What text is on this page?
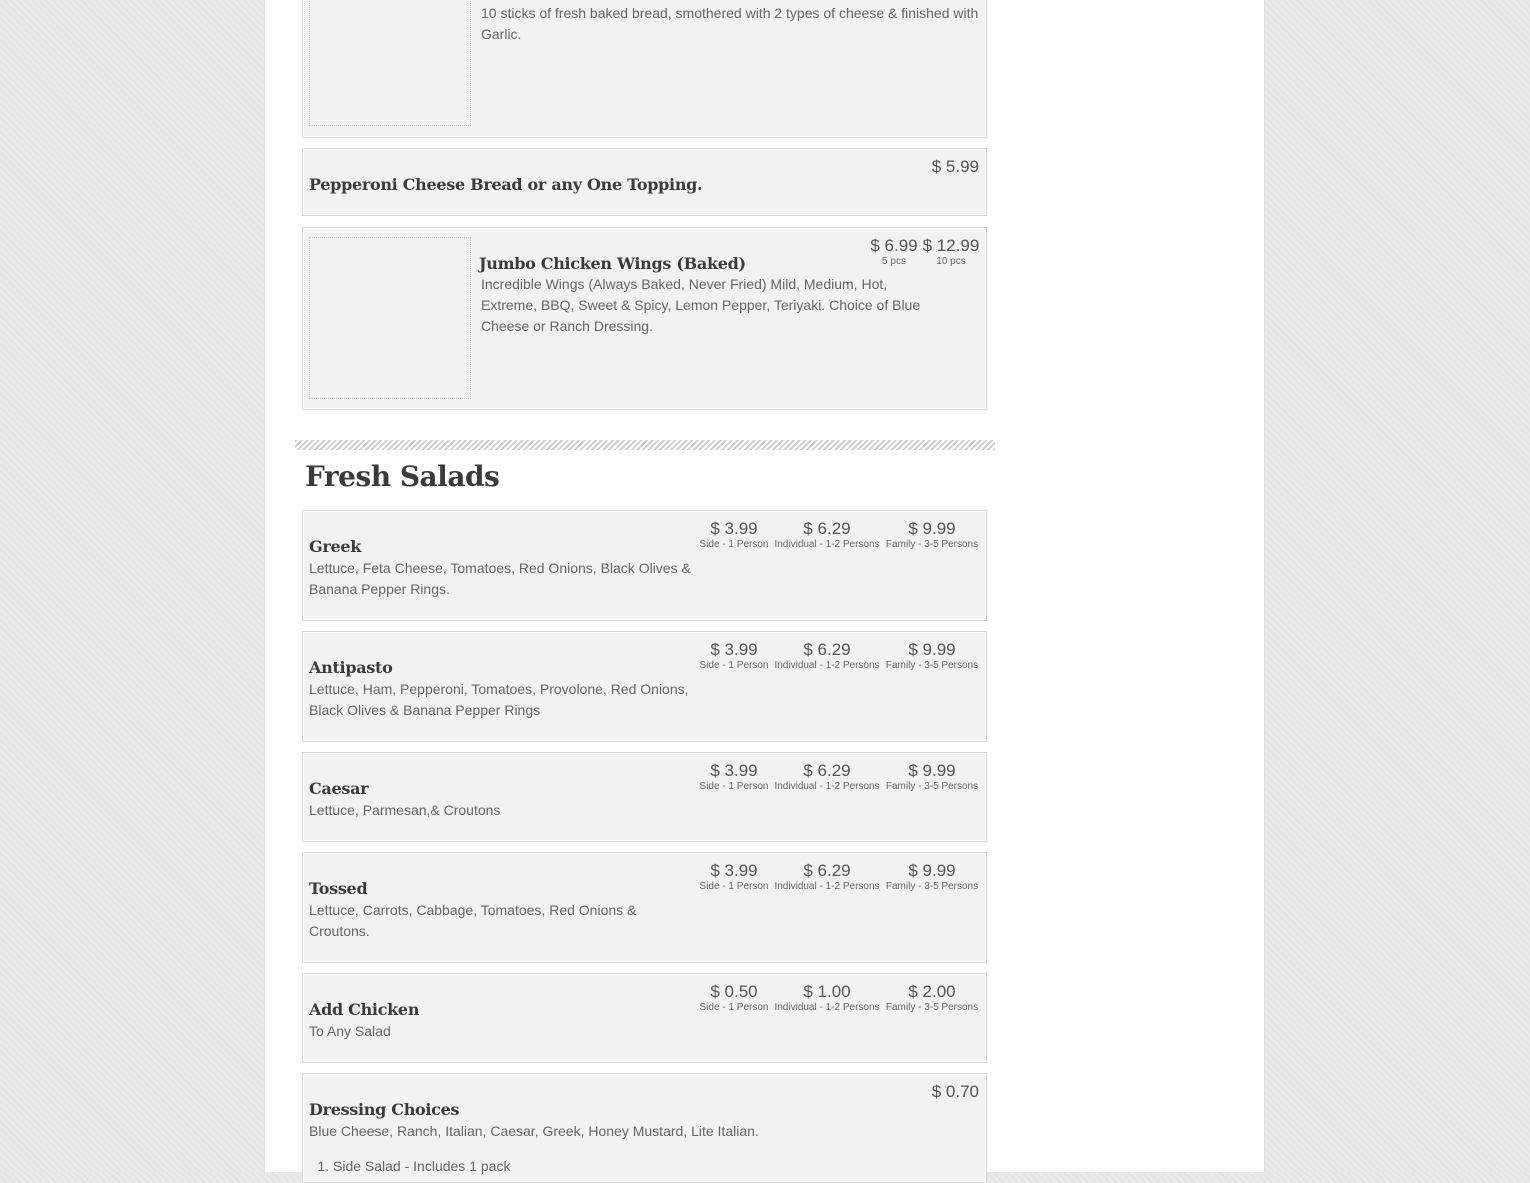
10 sticks of fresh baked bread, smothered with 2 types of cheese & finished with Garlic.

Pepperoni Cheese Bread or any One Topping.
$ 5.99
Jumbo Chicken Wings (Baked)

Incredible Wings (Always Baked, Never Fried) Mild, Medium, Hot, Extreme, BBQ, Sweet & Spicy, Lemon Pepper, Teriyaki. Choice of Blue Cheese or Ranch Dressing.

$ 6.99
5 pcs
$ 12.99
10 pcs
Fresh Salads
Greek

Lettuce, Feta Cheese, Tomatoes, Red Onions, Black Olives & Banana Pepper Rings.

$ 3.99
Side - 1 Person
$ 6.29
Individual - 1-2 Persons
$ 9.99
Family - 3-5 Persons
Antipasto

Lettuce, Ham, Pepperoni, Tomatoes, Provolone, Red Onions, Black Olives & Banana Pepper Rings

$ 3.99
Side - 1 Person
$ 6.29
Individual - 1-2 Persons
$ 9.99
Family - 3-5 Persons
Caesar

Lettuce, Parmesan,& Croutons

$ 3.99
Side - 1 Person
$ 6.29
Individual - 1-2 Persons
$ 9.99
Family - 3-5 Persons
Tossed

Lettuce, Carrots, Cabbage, Tomatoes, Red Onions & Croutons.

$ 3.99
Side - 1 Person
$ 6.29
Individual - 1-2 Persons
$ 9.99
Family - 3-5 Persons
Add Chicken

To Any Salad

$ 0.50
Side - 1 Person
$ 1.00
Individual - 1-2 Persons
$ 2.00
Family - 3-5 Persons
Dressing Choices

Blue Cheese, Ranch, Italian, Caesar, Greek, Honey Mustard, Lite Italian.

$ 0.70
1. Side Salad - Includes 1 pack
